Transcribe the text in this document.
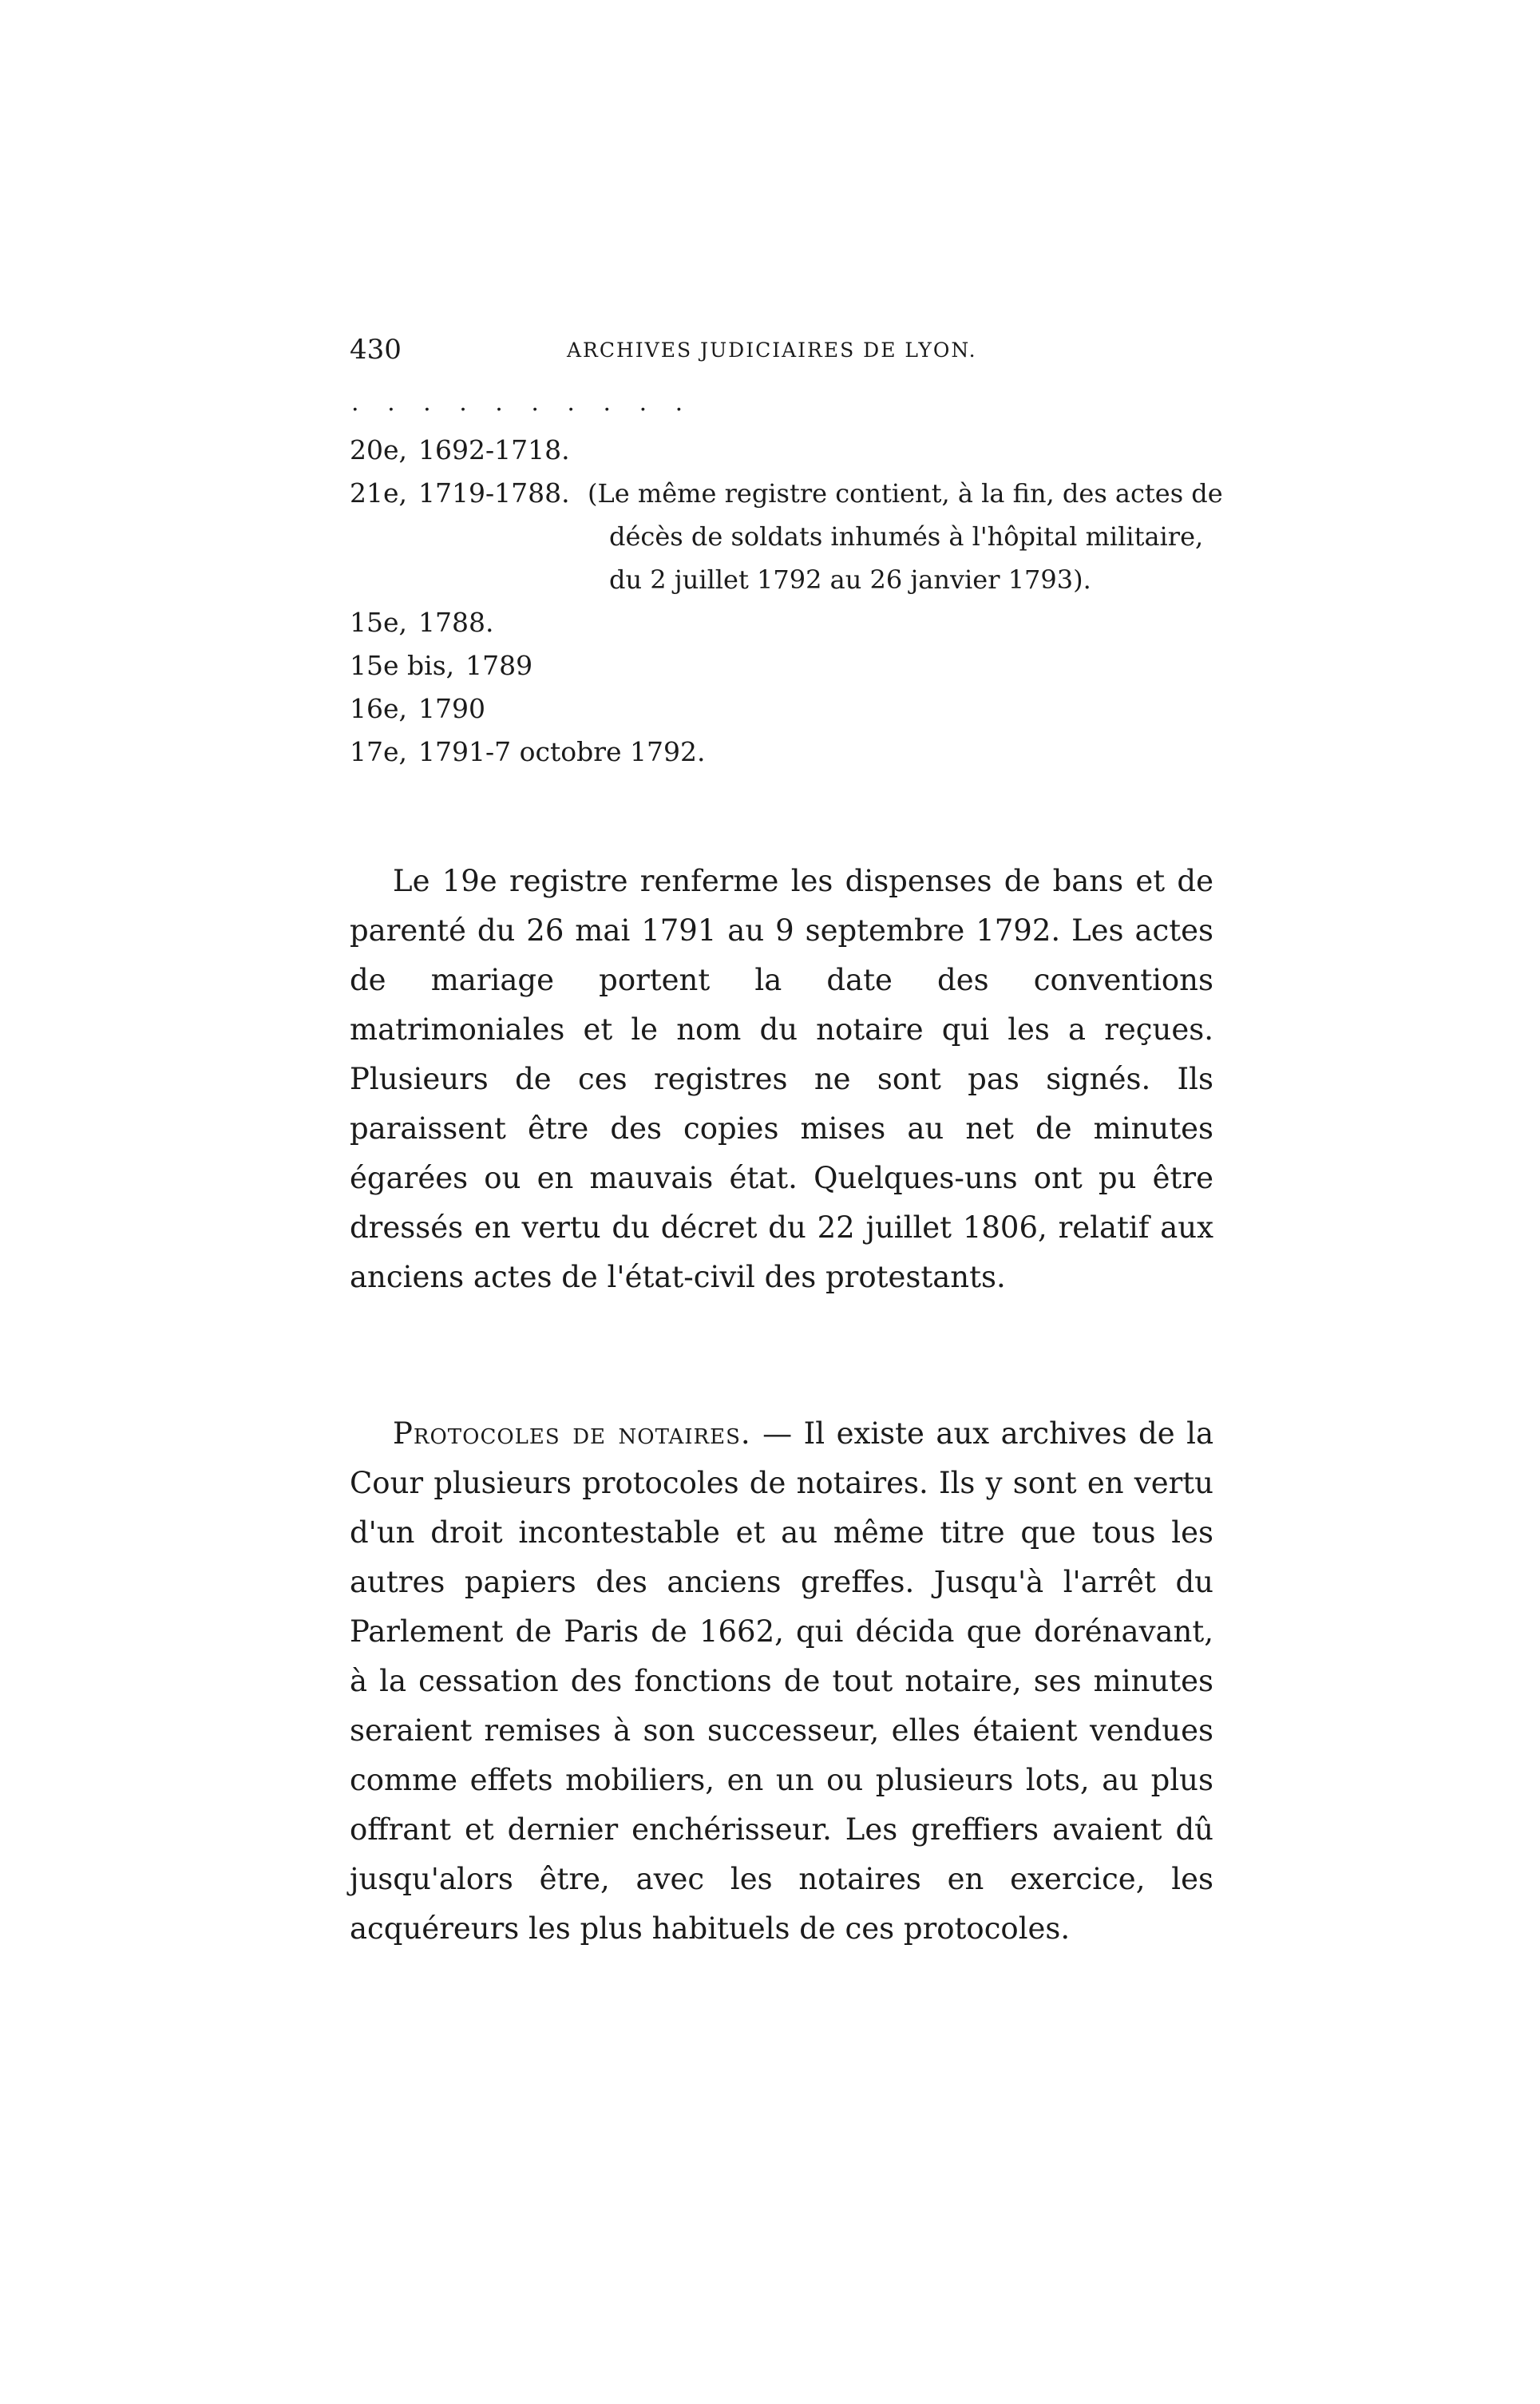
430	ARCHIVES JUDICIAIRES DE LYON.
. . . . . . . . . .
20e, 1692-1718.
21e, 1719-1788. (Le même registre contient, à la fin, des actes de
décès de soldats inhumés à l'hôpital militaire,
du 2 juillet 1792 au 26 janvier 1793).
15e, 1788.
15e bis, 1789
16e, 1790
17e, 1791-7 octobre 1792.

Le 19e registre renferme les dispenses de bans et de parenté du 26 mai 1791 au 9 septembre 1792. Les actes de mariage portent la date des conventions matrimoniales et le nom du notaire qui les a reçues. Plusieurs de ces registres ne sont pas signés. Ils paraissent être des copies mises au net de minutes égarées ou en mauvais état. Quelques-uns ont pu être dressés en vertu du décret du 22 juillet 1806, relatif aux anciens actes de l'état-civil des protestants.

Protocoles de notaires. — Il existe aux archives de la Cour plusieurs protocoles de notaires. Ils y sont en vertu d'un droit incontestable et au même titre que tous les autres papiers des anciens greffes. Jusqu'à l'arrêt du Parlement de Paris de 1662, qui décida que dorénavant, à la cessation des fonctions de tout notaire, ses minutes seraient remises à son successeur, elles étaient vendues comme effets mobiliers, en un ou plusieurs lots, au plus offrant et dernier enchérisseur. Les greffiers avaient dû jusqu'alors être, avec les notaires en exercice, les acquéreurs les plus habituels de ces protocoles.
